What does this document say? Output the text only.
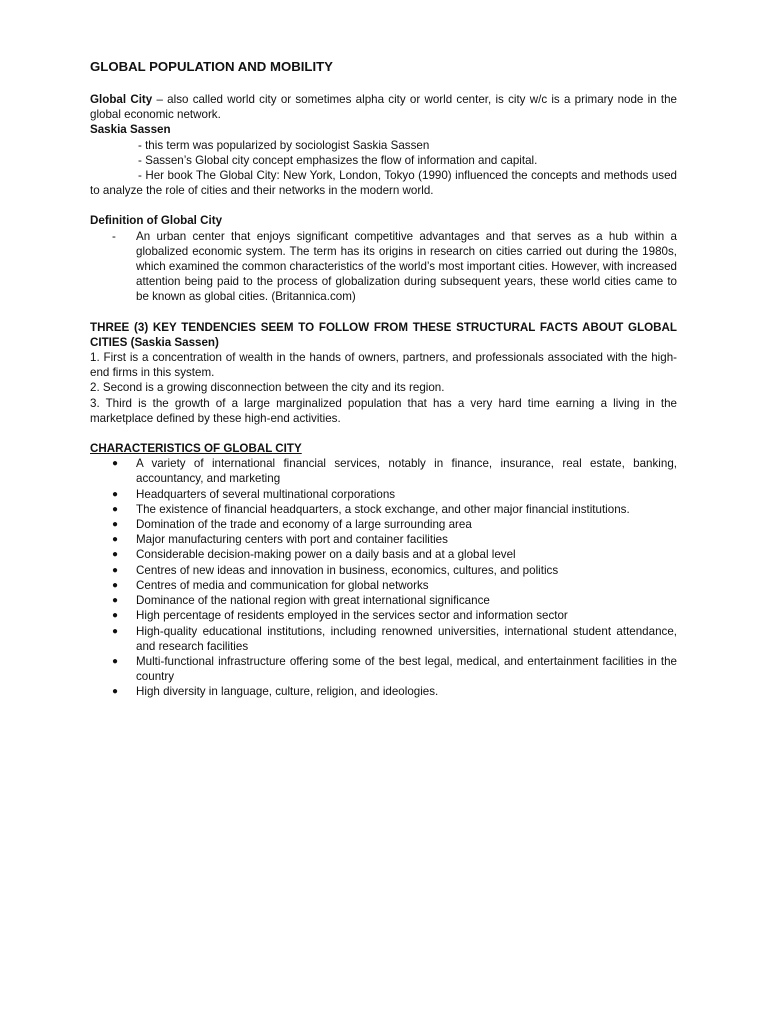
GLOBAL POPULATION AND MOBILITY

Global City – also called world city or sometimes alpha city or world center, is city w/c is a primary node in the global economic network.

Saskia Sassen

- this term was popularized by sociologist Saskia Sassen

- Sassen’s Global city concept emphasizes the flow of information and capital.

- Her book The Global City: New York, London, Tokyo (1990) influenced the concepts and methods used to analyze the role of cities and their networks in the modern world.

Definition of Global City

- An urban center that enjoys significant competitive advantages and that serves as a hub within a globalized economic system. The term has its origins in research on cities carried out during the 1980s, which examined the common characteristics of the world’s most important cities. However, with increased attention being paid to the process of globalization during subsequent years, these world cities came to be known as global cities. (Britannica.com)

THREE (3) KEY TENDENCIES SEEM TO FOLLOW FROM THESE STRUCTURAL FACTS ABOUT GLOBAL CITIES (Saskia Sassen)

1. First is a concentration of wealth in the hands of owners, partners, and professionals associated with the high-end firms in this system.

2. Second is a growing disconnection between the city and its region.

3. Third is the growth of a large marginalized population that has a very hard time earning a living in the marketplace defined by these high-end activities.

CHARACTERISTICS OF GLOBAL CITY

● A variety of international financial services, notably in finance, insurance, real estate, banking, accountancy, and marketing
● Headquarters of several multinational corporations
● The existence of financial headquarters, a stock exchange, and other major financial institutions.
● Domination of the trade and economy of a large surrounding area
● Major manufacturing centers with port and container facilities
● Considerable decision-making power on a daily basis and at a global level
● Centres of new ideas and innovation in business, economics, cultures, and politics
● Centres of media and communication for global networks
● Dominance of the national region with great international significance
● High percentage of residents employed in the services sector and information sector
● High-quality educational institutions, including renowned universities, international student attendance, and research facilities
● Multi-functional infrastructure offering some of the best legal, medical, and entertainment facilities in the country
● High diversity in language, culture, religion, and ideologies.
